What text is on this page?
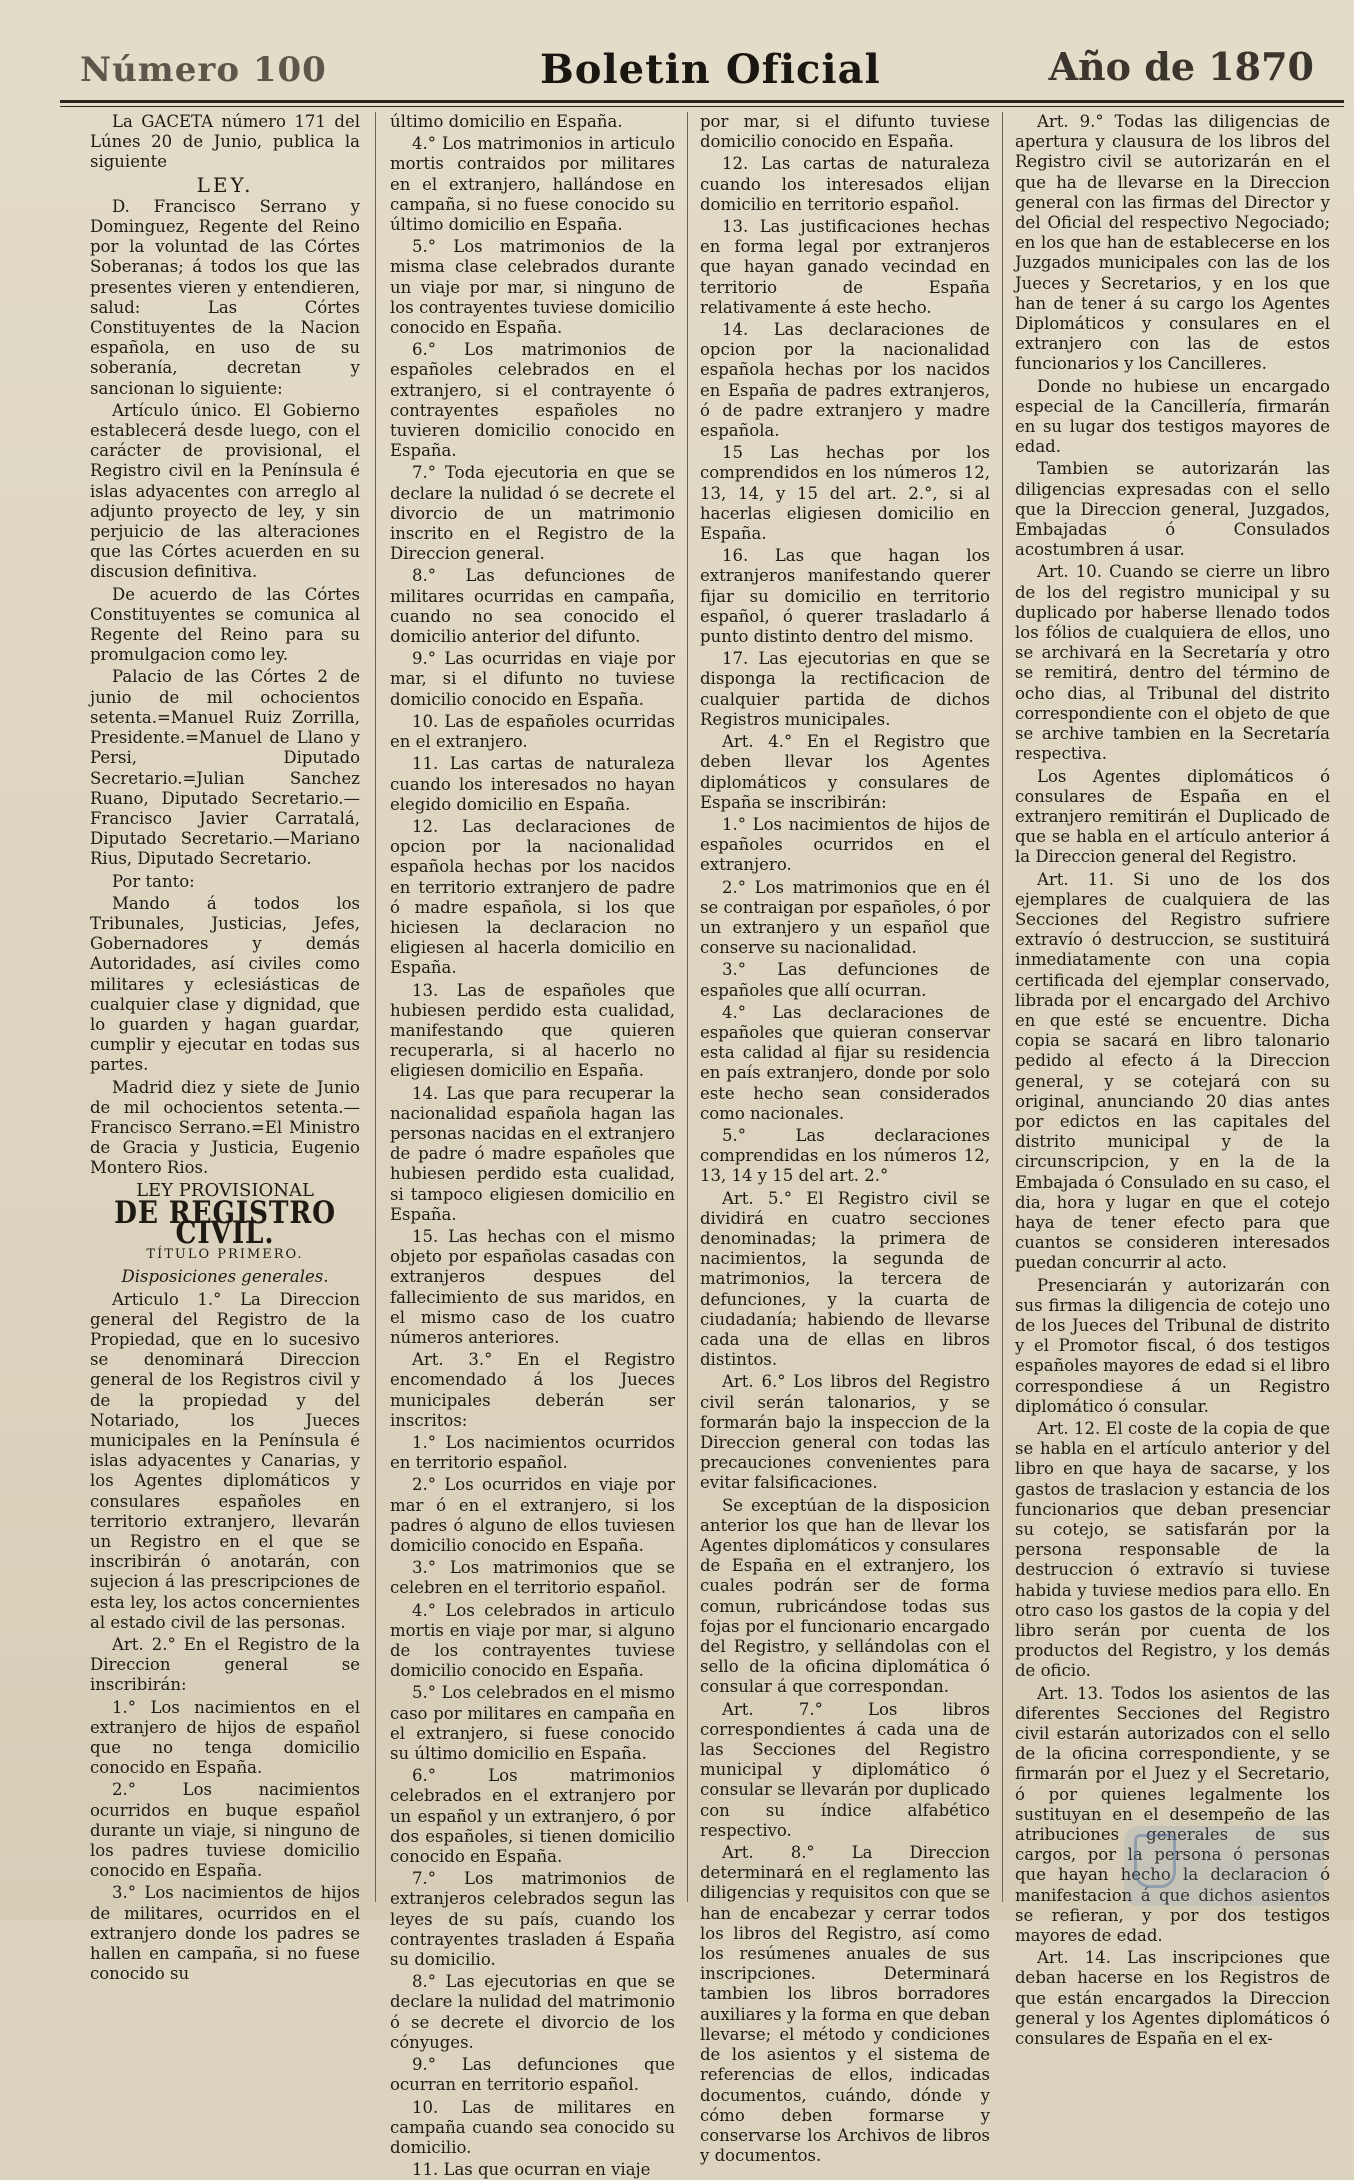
Número 100	Boletin Oficial	Año de 1870

La GACETA número 171 del Lúnes 20 de Junio, publica la siguiente

LEY.

D. Francisco Serrano y Dominguez, Regente del Reino por la voluntad de las Córtes Soberanas; á todos los que las presentes vieren y entendieren, salud: Las Córtes Constituyentes de la Nacion española, en uso de su soberanía, decretan y sancionan lo siguiente:

Artículo único. El Gobierno establecerá desde luego, con el carácter de provisional, el Registro civil en la Península é islas adyacentes con arreglo al adjunto proyecto de ley, y sin perjuicio de las alteraciones que las Córtes acuerden en su discusion definitiva.

De acuerdo de las Córtes Constituyentes se comunica al Regente del Reino para su promulgacion como ley.

Palacio de las Córtes 2 de junio de mil ochocientos setenta.=Manuel Ruiz Zorrilla, Presidente.=Manuel de Llano y Persi, Diputado Secretario.=Julian Sanchez Ruano, Diputado Secretario.—Francisco Javier Carratalá, Diputado Secretario.—Mariano Rius, Diputado Secretario.

Por tanto:

Mando á todos los Tribunales, Justicias, Jefes, Gobernadores y demás Autoridades, así civiles como militares y eclesiásticas de cualquier clase y dignidad, que lo guarden y hagan guardar, cumplir y ejecutar en todas sus partes.

Madrid diez y siete de Junio de mil ochocientos setenta.—Francisco Serrano.=El Ministro de Gracia y Justicia, Eugenio Montero Rios.

LEY PROVISIONAL

DE REGISTRO CIVIL.

TÍTULO PRIMERO.

Disposiciones generales.

Articulo 1.° La Direccion general del Registro de la Propiedad, que en lo sucesivo se denominará Direccion general de los Registros civil y de la propiedad y del Notariado, los Jueces municipales en la Península é islas adyacentes y Canarias, y los Agentes diplomáticos y consulares españoles en territorio extranjero, llevarán un Registro en el que se inscribirán ó anotarán, con sujecion á las prescripciones de esta ley, los actos concernientes al estado civil de las personas.

Art. 2.° En el Registro de la Direccion general se inscribirán:

1.° Los nacimientos en el extranjero de hijos de español que no tenga domicilio conocido en España.

2.° Los nacimientos ocurridos en buque español durante un viaje, si ninguno de los padres tuviese domicilio conocido en España.

3.° Los nacimientos de hijos de militares, ocurridos en el extranjero donde los padres se hallen en campaña, si no fuese conocido su

último domicilio en España.

4.° Los matrimonios in articulo mortis contraidos por militares en el extranjero, hallándose en campaña, si no fuese conocido su último domicilio en España.

5.° Los matrimonios de la misma clase celebrados durante un viaje por mar, si ninguno de los contrayentes tuviese domicilio conocido en España.

6.° Los matrimonios de españoles celebrados en el extranjero, si el contrayente ó contrayentes españoles no tuvieren domicilio conocido en España.

7.° Toda ejecutoria en que se declare la nulidad ó se decrete el divorcio de un matrimonio inscrito en el Registro de la Direccion general.

8.° Las defunciones de militares ocurridas en campaña, cuando no sea conocido el domicilio anterior del difunto.

9.° Las ocurridas en viaje por mar, si el difunto no tuviese domicilio conocido en España.

10. Las de españoles ocurridas en el extranjero.

11. Las cartas de naturaleza cuando los interesados no hayan elegido domicilio en España.

12. Las declaraciones de opcion por la nacionalidad española hechas por los nacidos en territorio extranjero de padre ó madre española, si los que hiciesen la declaracion no eligiesen al hacerla domicilio en España.

13. Las de españoles que hubiesen perdido esta cualidad, manifestando que quieren recuperarla, si al hacerlo no eligiesen domicilio en España.

14. Las que para recuperar la nacionalidad española hagan las personas nacidas en el extranjero de padre ó madre españoles que hubiesen perdido esta cualidad, si tampoco eligiesen domicilio en España.

15. Las hechas con el mismo objeto por españolas casadas con extranjeros despues del fallecimiento de sus maridos, en el mismo caso de los cuatro números anteriores.

Art. 3.° En el Registro encomendado á los Jueces municipales deberán ser inscritos:

1.° Los nacimientos ocurridos en territorio español.

2.° Los ocurridos en viaje por mar ó en el extranjero, si los padres ó alguno de ellos tuviesen domicilio conocido en España.

3.° Los matrimonios que se celebren en el territorio español.

4.° Los celebrados in articulo mortis en viaje por mar, si alguno de los contrayentes tuviese domicilio conocido en España.

5.° Los celebrados en el mismo caso por militares en campaña en el extranjero, si fuese conocido su último domicilio en España.

6.° Los matrimonios celebrados en el extranjero por un español y un extranjero, ó por dos españoles, si tienen domicilio conocido en España.

7.° Los matrimonios de extranjeros celebrados segun las leyes de su país, cuando los contrayentes trasladen á España su domicilio.

8.° Las ejecutorias en que se declare la nulidad del matrimonio ó se decrete el divorcio de los cónyuges.

9.° Las defunciones que ocurran en territorio español.

10. Las de militares en campaña cuando sea conocido su domicilio.

11. Las que ocurran en viaje

por mar, si el difunto tuviese domicilio conocido en España.

12. Las cartas de naturaleza cuando los interesados elijan domicilio en territorio español.

13. Las justificaciones hechas en forma legal por extranjeros que hayan ganado vecindad en territorio de España relativamente á este hecho.

14. Las declaraciones de opcion por la nacionalidad española hechas por los nacidos en España de padres extranjeros, ó de padre extranjero y madre española.

15 Las hechas por los comprendidos en los números 12, 13, 14, y 15 del art. 2.°, si al hacerlas eligiesen domicilio en España.

16. Las que hagan los extranjeros manifestando querer fijar su domicilio en territorio español, ó querer trasladarlo á punto distinto dentro del mismo.

17. Las ejecutorias en que se disponga la rectificacion de cualquier partida de dichos Registros municipales.

Art. 4.° En el Registro que deben llevar los Agentes diplomáticos y consulares de España se inscribirán:

1.° Los nacimientos de hijos de españoles ocurridos en el extranjero.

2.° Los matrimonios que en él se contraigan por españoles, ó por un extranjero y un español que conserve su nacionalidad.

3.° Las defunciones de españoles que allí ocurran.

4.° Las declaraciones de españoles que quieran conservar esta calidad al fijar su residencia en país extranjero, donde por solo este hecho sean considerados como nacionales.

5.° Las declaraciones comprendidas en los números 12, 13, 14 y 15 del art. 2.°

Art. 5.° El Registro civil se dividirá en cuatro secciones denominadas; la primera de nacimientos, la segunda de matrimonios, la tercera de defunciones, y la cuarta de ciudadanía; habiendo de llevarse cada una de ellas en libros distintos.

Art. 6.° Los libros del Registro civil serán talonarios, y se formarán bajo la inspeccion de la Direccion general con todas las precauciones convenientes para evitar falsificaciones.

Se exceptúan de la disposicion anterior los que han de llevar los Agentes diplomáticos y consulares de España en el extranjero, los cuales podrán ser de forma comun, rubricándose todas sus fojas por el funcionario encargado del Registro, y sellándolas con el sello de la oficina diplomática ó consular á que correspondan.

Art. 7.° Los libros correspondientes á cada una de las Secciones del Registro municipal y diplomático ó consular se llevarán por duplicado con su índice alfabético respectivo.

Art. 8.° La Direccion determinará en el reglamento las diligencias y requisitos con que se han de encabezar y cerrar todos los libros del Registro, así como los resúmenes anuales de sus inscripciones. Determinará tambien los libros borradores auxiliares y la forma en que deban llevarse; el método y condiciones de los asientos y el sistema de referencias de ellos, indicadas documentos, cuándo, dónde y cómo deben formarse y conservarse los Archivos de libros y documentos.

Art. 9.° Todas las diligencias de apertura y clausura de los libros del Registro civil se autorizarán en el que ha de llevarse en la Direccion general con las firmas del Director y del Oficial del respectivo Negociado; en los que han de establecerse en los Juzgados municipales con las de los Jueces y Secretarios, y en los que han de tener á su cargo los Agentes Diplomáticos y consulares en el extranjero con las de estos funcionarios y los Cancilleres.

Donde no hubiese un encargado especial de la Cancillería, firmarán en su lugar dos testigos mayores de edad.

Tambien se autorizarán las diligencias expresadas con el sello que la Direccion general, Juzgados, Embajadas ó Consulados acostumbren á usar.

Art. 10. Cuando se cierre un libro de los del registro municipal y su duplicado por haberse llenado todos los fólios de cualquiera de ellos, uno se archivará en la Secretaría y otro se remitirá, dentro del término de ocho dias, al Tribunal del distrito correspondiente con el objeto de que se archive tambien en la Secretaría respectiva.

Los Agentes diplomáticos ó consulares de España en el extranjero remitirán el Duplicado de que se habla en el artículo anterior á la Direccion general del Registro.

Art. 11. Si uno de los dos ejemplares de cualquiera de las Secciones del Registro sufriere extravío ó destruccion, se sustituirá inmediatamente con una copia certificada del ejemplar conservado, librada por el encargado del Archivo en que esté se encuentre. Dicha copia se sacará en libro talonario pedido al efecto á la Direccion general, y se cotejará con su original, anunciando 20 dias antes por edictos en las capitales del distrito municipal y de la circunscripcion, y en la de la Embajada ó Consulado en su caso, el dia, hora y lugar en que el cotejo haya de tener efecto para que cuantos se consideren interesados puedan concurrir al acto.

Presenciarán y autorizarán con sus firmas la diligencia de cotejo uno de los Jueces del Tribunal de distrito y el Promotor fiscal, ó dos testigos españoles mayores de edad si el libro correspondiese á un Registro diplomático ó consular.

Art. 12. El coste de la copia de que se habla en el artículo anterior y del libro en que haya de sacarse, y los gastos de traslacion y estancia de los funcionarios que deban presenciar su cotejo, se satisfarán por la persona responsable de la destruccion ó extravío si tuviese habida y tuviese medios para ello. En otro caso los gastos de la copia y del libro serán por cuenta de los productos del Registro, y los demás de oficio.

Art. 13. Todos los asientos de las diferentes Secciones del Registro civil estarán autorizados con el sello de la oficina correspondiente, y se firmarán por el Juez y el Secretario, ó por quienes legalmente los sustituyan en el desempeño de las atribuciones generales de sus cargos, por la persona ó personas que hayan hecho la declaracion ó manifestacion á que dichos asientos se refieran, y por dos testigos mayores de edad.

Art. 14. Las inscripciones que deban hacerse en los Registros de que están encargados la Direccion general y los Agentes diplomáticos ó consulares de España en el ex-
